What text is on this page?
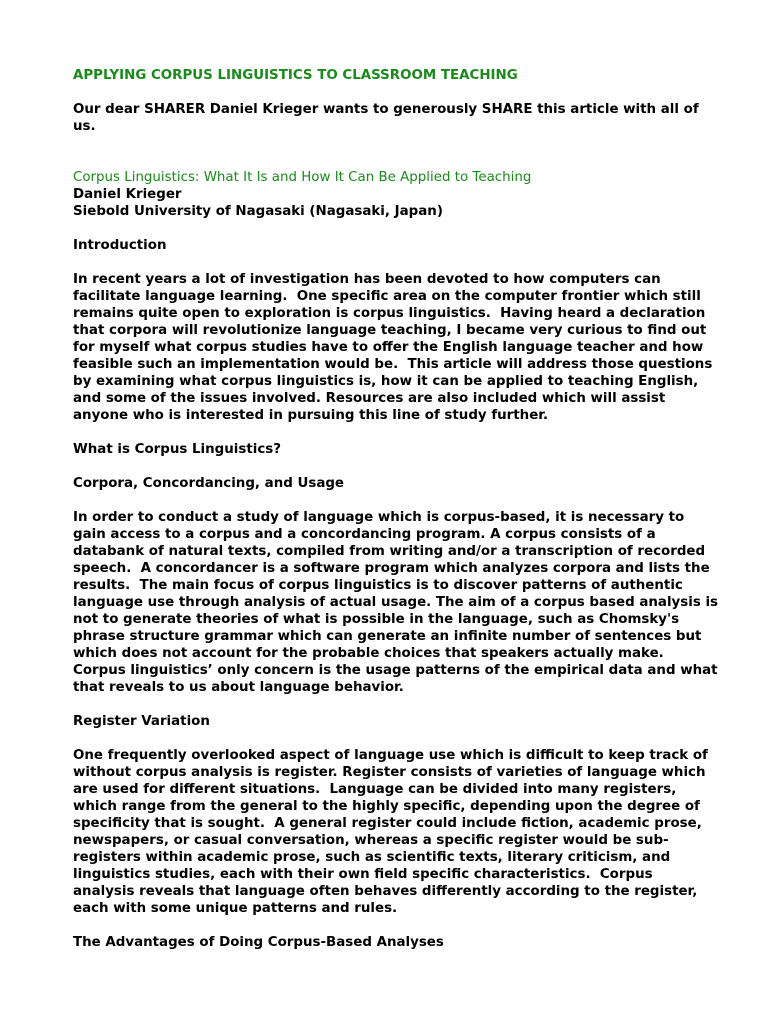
APPLYING CORPUS LINGUISTICS TO CLASSROOM TEACHING
Our dear SHARER Daniel Krieger wants to generously SHARE this article with all of
us.
Corpus Linguistics: What It Is and How It Can Be Applied to Teaching
Daniel Krieger
Siebold University of Nagasaki (Nagasaki, Japan)
Introduction
In recent years a lot of investigation has been devoted to how computers can
facilitate language learning.  One specific area on the computer frontier which still
remains quite open to exploration is corpus linguistics.  Having heard a declaration
that corpora will revolutionize language teaching, I became very curious to find out
for myself what corpus studies have to offer the English language teacher and how
feasible such an implementation would be.  This article will address those questions
by examining what corpus linguistics is, how it can be applied to teaching English,
and some of the issues involved. Resources are also included which will assist
anyone who is interested in pursuing this line of study further.
What is Corpus Linguistics?
Corpora, Concordancing, and Usage
In order to conduct a study of language which is corpus-based, it is necessary to
gain access to a corpus and a concordancing program. A corpus consists of a
databank of natural texts, compiled from writing and/or a transcription of recorded
speech.  A concordancer is a software program which analyzes corpora and lists the
results.  The main focus of corpus linguistics is to discover patterns of authentic
language use through analysis of actual usage. The aim of a corpus based analysis is
not to generate theories of what is possible in the language, such as Chomsky's
phrase structure grammar which can generate an infinite number of sentences but
which does not account for the probable choices that speakers actually make.
Corpus linguistics’ only concern is the usage patterns of the empirical data and what
that reveals to us about language behavior.
Register Variation
One frequently overlooked aspect of language use which is difficult to keep track of
without corpus analysis is register. Register consists of varieties of language which
are used for different situations.  Language can be divided into many registers,
which range from the general to the highly specific, depending upon the degree of
specificity that is sought.  A general register could include fiction, academic prose,
newspapers, or casual conversation, whereas a specific register would be sub-
registers within academic prose, such as scientific texts, literary criticism, and
linguistics studies, each with their own field specific characteristics.  Corpus
analysis reveals that language often behaves differently according to the register,
each with some unique patterns and rules.
The Advantages of Doing Corpus-Based Analyses
